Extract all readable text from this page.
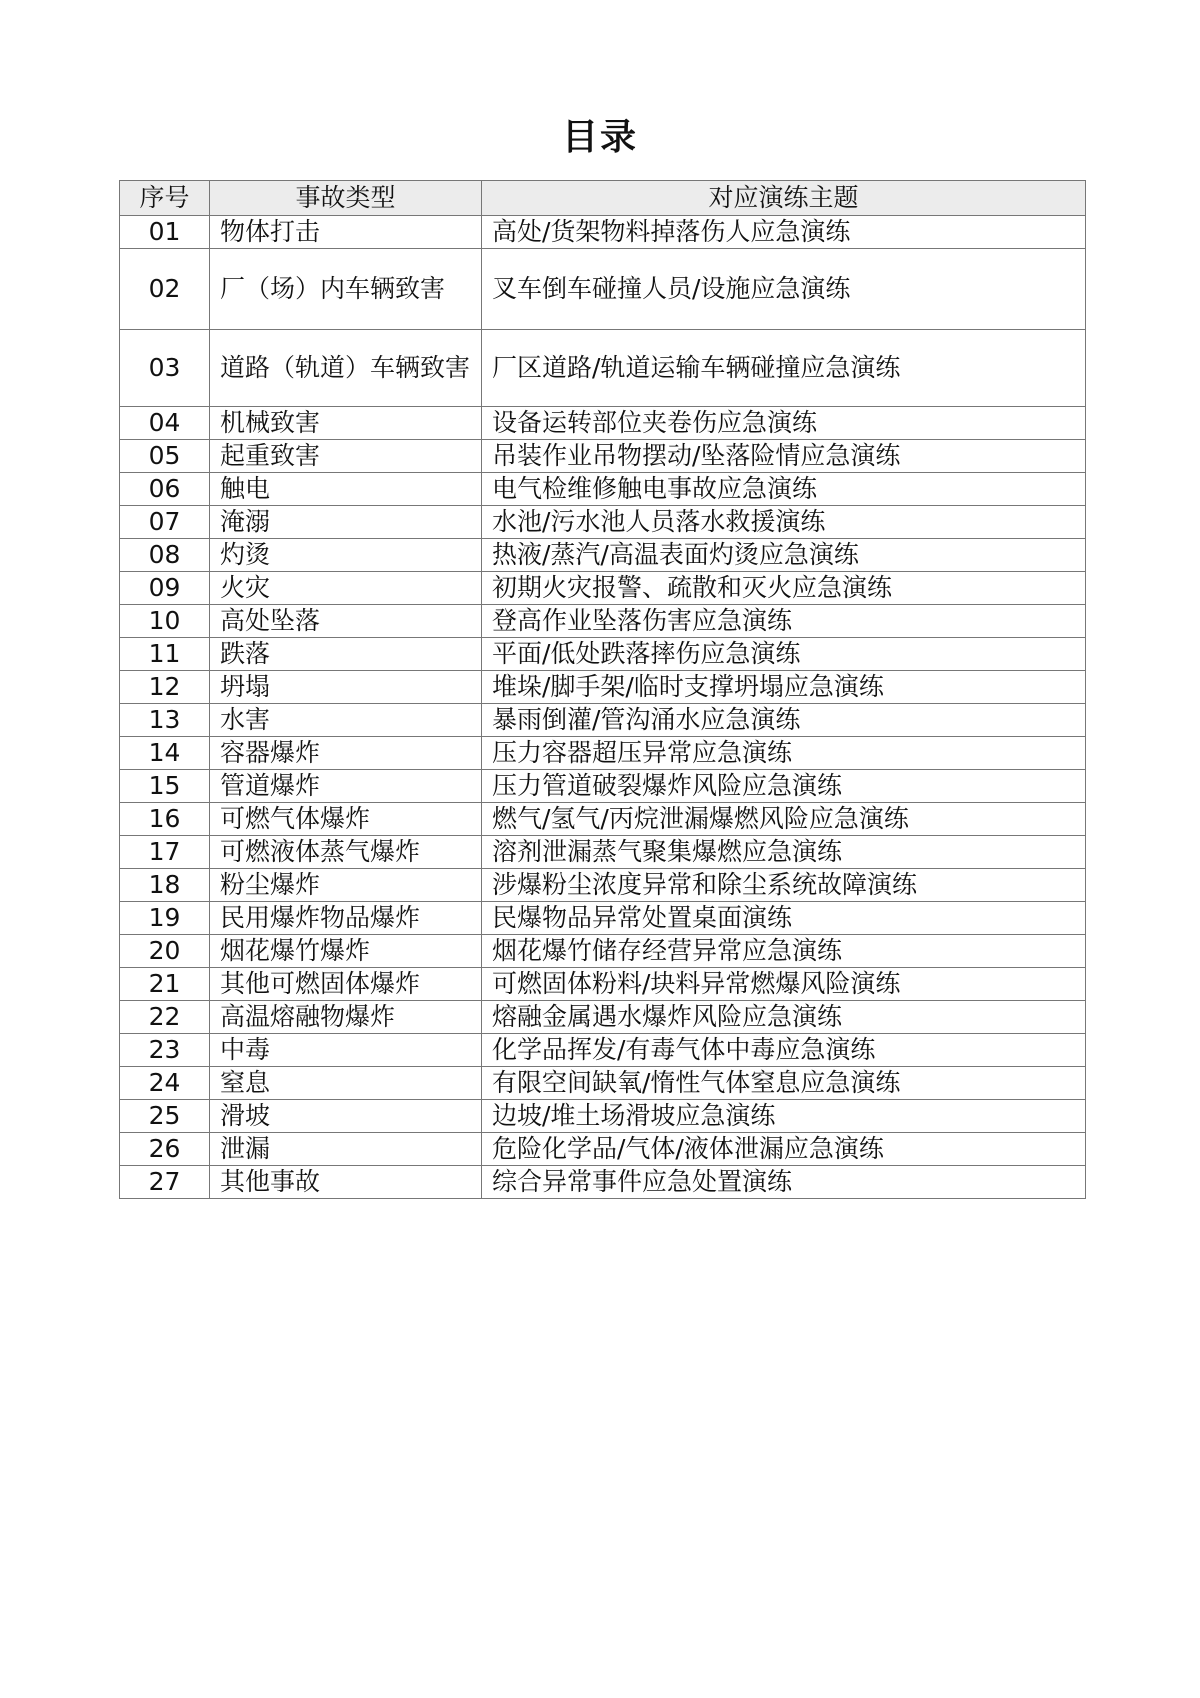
目录
序号	事故类型	对应演练主题
01	物体打击	高处/货架物料掉落伤人应急演练
02	厂（场）内车辆致害	叉车倒车碰撞人员/设施应急演练
03	道路（轨道）车辆致害	厂区道路/轨道运输车辆碰撞应急演练
04	机械致害	设备运转部位夹卷伤应急演练
05	起重致害	吊装作业吊物摆动/坠落险情应急演练
06	触电	电气检维修触电事故应急演练
07	淹溺	水池/污水池人员落水救援演练
08	灼烫	热液/蒸汽/高温表面灼烫应急演练
09	火灾	初期火灾报警、疏散和灭火应急演练
10	高处坠落	登高作业坠落伤害应急演练
11	跌落	平面/低处跌落摔伤应急演练
12	坍塌	堆垛/脚手架/临时支撑坍塌应急演练
13	水害	暴雨倒灌/管沟涌水应急演练
14	容器爆炸	压力容器超压异常应急演练
15	管道爆炸	压力管道破裂爆炸风险应急演练
16	可燃气体爆炸	燃气/氢气/丙烷泄漏爆燃风险应急演练
17	可燃液体蒸气爆炸	溶剂泄漏蒸气聚集爆燃应急演练
18	粉尘爆炸	涉爆粉尘浓度异常和除尘系统故障演练
19	民用爆炸物品爆炸	民爆物品异常处置桌面演练
20	烟花爆竹爆炸	烟花爆竹储存经营异常应急演练
21	其他可燃固体爆炸	可燃固体粉料/块料异常燃爆风险演练
22	高温熔融物爆炸	熔融金属遇水爆炸风险应急演练
23	中毒	化学品挥发/有毒气体中毒应急演练
24	窒息	有限空间缺氧/惰性气体窒息应急演练
25	滑坡	边坡/堆土场滑坡应急演练
26	泄漏	危险化学品/气体/液体泄漏应急演练
27	其他事故	综合异常事件应急处置演练
